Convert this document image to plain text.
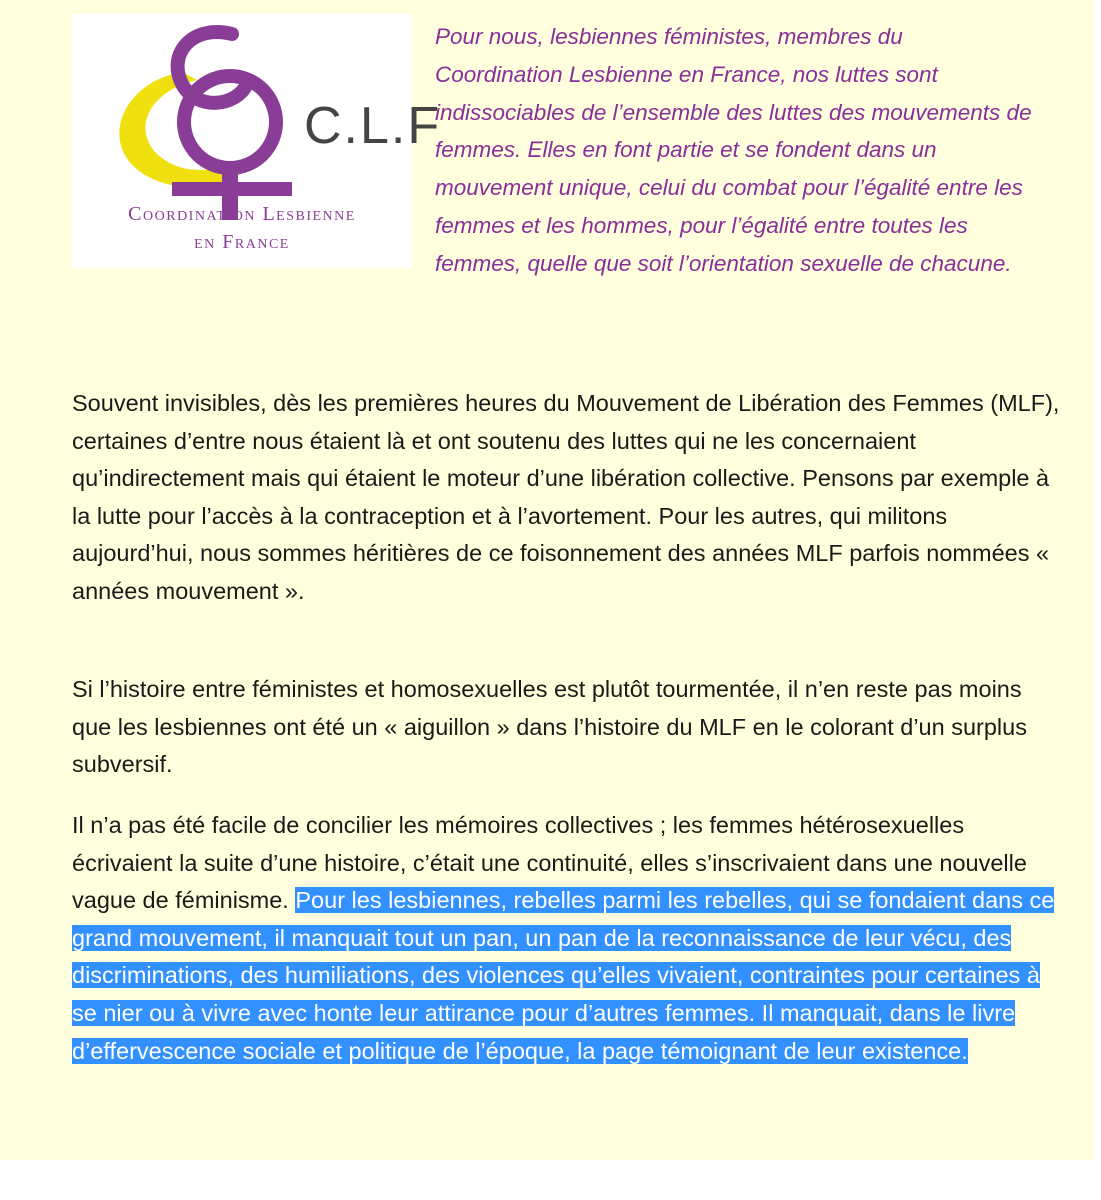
C.L.F
Coordination Lesbienne
en France

Pour nous, lesbiennes féministes, membres du Coordination Lesbienne en France, nos luttes sont indissociables de l’ensemble des luttes des mouvements de femmes. Elles en font partie et se fondent dans un mouvement unique, celui du combat pour l’égalité entre les femmes et les hommes, pour l’égalité entre toutes les femmes, quelle que soit l’orientation sexuelle de chacune.

Souvent invisibles, dès les premières heures du Mouvement de Libération des Femmes (MLF), certaines d’entre nous étaient là et ont soutenu des luttes qui ne les concernaient qu’indirectement mais qui étaient le moteur d’une libération collective. Pensons par exemple à la lutte pour l’accès à la contraception et à l’avortement. Pour les autres, qui militons aujourd’hui, nous sommes héritières de ce foisonnement des années MLF parfois nommées « années mouvement ».

Si l’histoire entre féministes et homosexuelles est plutôt tourmentée, il n’en reste pas moins que les lesbiennes ont été un « aiguillon » dans l’histoire du MLF en le colorant d’un surplus subversif.

Il n’a pas été facile de concilier les mémoires collectives ; les femmes hétérosexuelles écrivaient la suite d’une histoire, c’était une continuité, elles s’inscrivaient dans une nouvelle vague de féminisme. Pour les lesbiennes, rebelles parmi les rebelles, qui se fondaient dans ce grand mouvement, il manquait tout un pan, un pan de la reconnaissance de leur vécu, des discriminations, des humiliations, des violences qu’elles vivaient, contraintes pour certaines à se nier ou à vivre avec honte leur attirance pour d’autres femmes. Il manquait, dans le livre d’effervescence sociale et politique de l’époque, la page témoignant de leur existence.
